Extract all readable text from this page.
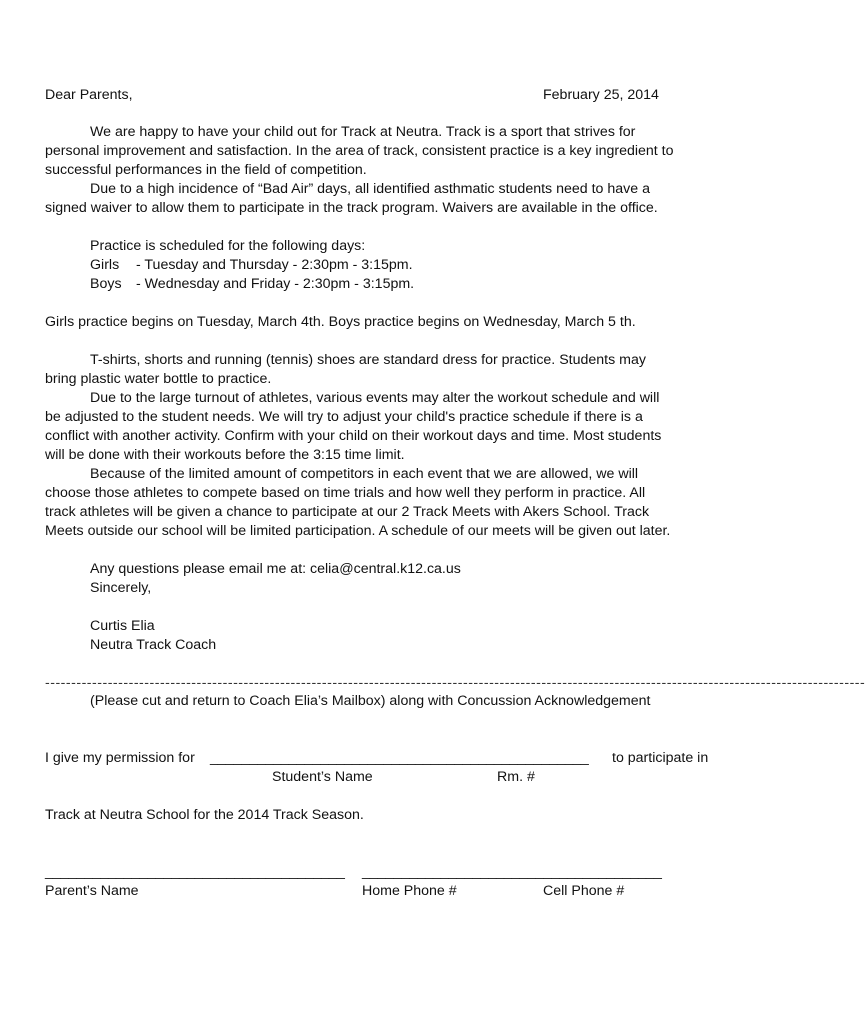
Dear Parents,	February 25, 2014
We are happy to have your child out for Track at Neutra. Track is a sport that strives for
personal improvement and satisfaction. In the area of track, consistent practice is a key ingredient to
successful performances in the field of competition.
Due to a high incidence of “Bad Air” days, all identified asthmatic students need to have a
signed waiver to allow them to participate in the track program. Waivers are available in the office.
Practice is scheduled for the following days:
Girls - Tuesday and Thursday - 2:30pm - 3:15pm.
Boys - Wednesday and Friday - 2:30pm - 3:15pm.
Girls practice begins on Tuesday, March 4th. Boys practice begins on Wednesday, March 5 th.
T-shirts, shorts and running (tennis) shoes are standard dress for practice. Students may
bring plastic water bottle to practice.
Due to the large turnout of athletes, various events may alter the workout schedule and will
be adjusted to the student needs. We will try to adjust your child's practice schedule if there is a
conflict with another activity. Confirm with your child on their workout days and time. Most students
will be done with their workouts before the 3:15 time limit.
Because of the limited amount of competitors in each event that we are allowed, we will
choose those athletes to compete based on time trials and how well they perform in practice. All
track athletes will be given a chance to participate at our 2 Track Meets with Akers School. Track
Meets outside our school will be limited participation. A schedule of our meets will be given out later.
Any questions please email me at: celia@central.k12.ca.us
Sincerely,
Curtis Elia
Neutra Track Coach
-------------------------------------------------------------------------------------------------------------------------------------------------------------
(Please cut and return to Coach Elia’s Mailbox) along with Concussion Acknowledgement
I give my permission for ________________________________________________	to participate in
Student’s Name	Rm. #
Track at Neutra School for the 2014 Track Season.
______________________________________	______________________________________
Parent’s Name	Home Phone #	Cell Phone #
